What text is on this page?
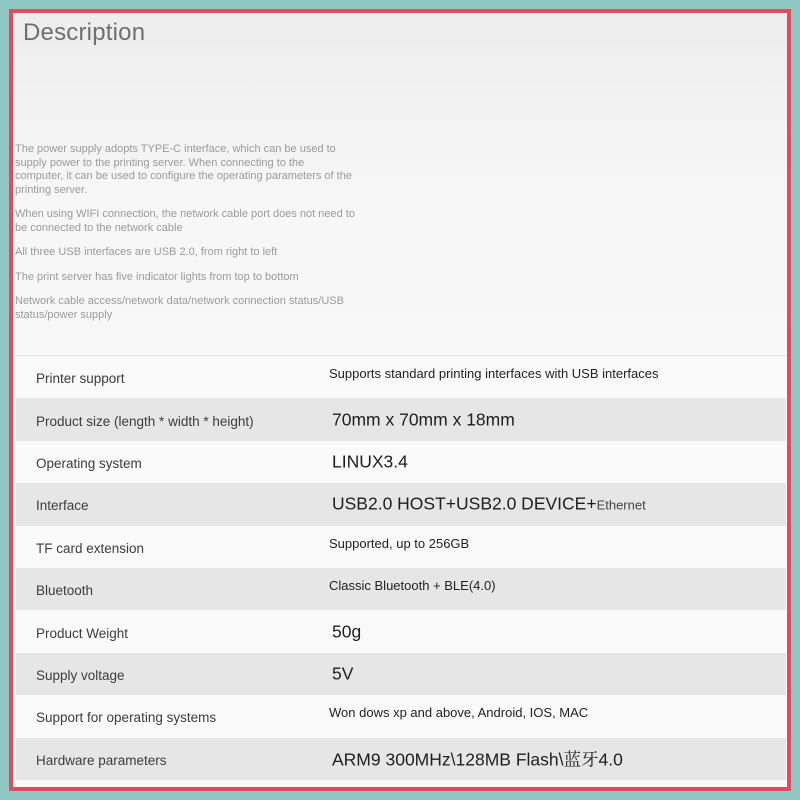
Description

The power supply adopts TYPE-C interface, which can be used to supply power to the printing server. When connecting to the computer, it can be used to configure the operating parameters of the printing server.

When using WIFI connection, the network cable port does not need to be connected to the network cable

All three USB interfaces are USB 2.0, from right to left

The print server has five indicator lights from top to bottom

Network cable access/network data/network connection status/USB status/power supply

Printer support	Supports standard printing interfaces with USB interfaces
Product size (length * width * height)	70mm x 70mm x 18mm
Operating system	LINUX3.4
Interface	USB2.0 HOST+USB2.0 DEVICE+Ethernet
TF card extension	Supported, up to 256GB
Bluetooth	Classic Bluetooth + BLE(4.0)
Product Weight	50g
Supply voltage	5V
Support for operating systems	Won dows xp and above, Android, IOS, MAC
Hardware parameters	ARM9 300MHz\128MB Flash\蓝牙4.0
